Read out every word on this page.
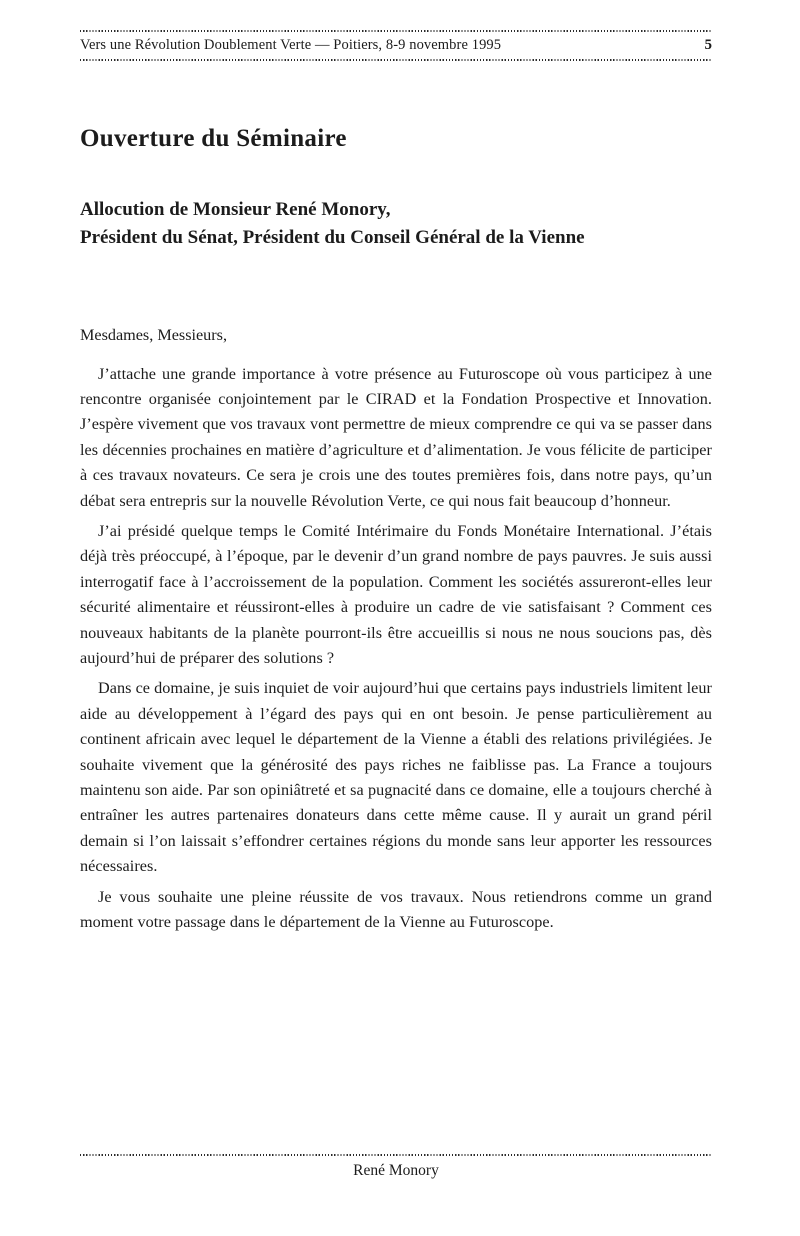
Vers une Révolution Doublement Verte — Poitiers, 8-9 novembre 1995	5
Ouverture du Séminaire
Allocution de Monsieur René Monory,
Président du Sénat, Président du Conseil Général de la Vienne
Mesdames, Messieurs,

J’attache une grande importance à votre présence au Futuroscope où vous participez à une rencontre organisée conjointement par le CIRAD et la Fondation Prospective et Innovation. J’espère vivement que vos travaux vont permettre de mieux comprendre ce qui va se passer dans les décennies prochaines en matière d’agriculture et d’alimentation. Je vous félicite de participer à ces travaux novateurs. Ce sera je crois une des toutes premières fois, dans notre pays, qu’un débat sera entrepris sur la nouvelle Révolution Verte, ce qui nous fait beaucoup d’honneur.

J’ai présidé quelque temps le Comité Intérimaire du Fonds Monétaire International. J’étais déjà très préoccupé, à l’époque, par le devenir d’un grand nombre de pays pauvres. Je suis aussi interrogatif face à l’accroissement de la population. Comment les sociétés assureront-elles leur sécurité alimentaire et réussiront-elles à produire un cadre de vie satisfaisant ? Comment ces nouveaux habitants de la planète pourront-ils être accueillis si nous ne nous soucions pas, dès aujourd’hui de préparer des solutions ?

Dans ce domaine, je suis inquiet de voir aujourd’hui que certains pays industriels limitent leur aide au développement à l’égard des pays qui en ont besoin. Je pense particulièrement au continent africain avec lequel le département de la Vienne a établi des relations privilégiées. Je souhaite vivement que la générosité des pays riches ne faiblisse pas. La France a toujours maintenu son aide. Par son opiniâtreté et sa pugnacité dans ce domaine, elle a toujours cherché à entraîner les autres partenaires donateurs dans cette même cause. Il y aurait un grand péril demain si l’on laissait s’effondrer certaines régions du monde sans leur apporter les ressources nécessaires.

Je vous souhaite une pleine réussite de vos travaux. Nous retiendrons comme un grand moment votre passage dans le département de la Vienne au Futuroscope.

René Monory
